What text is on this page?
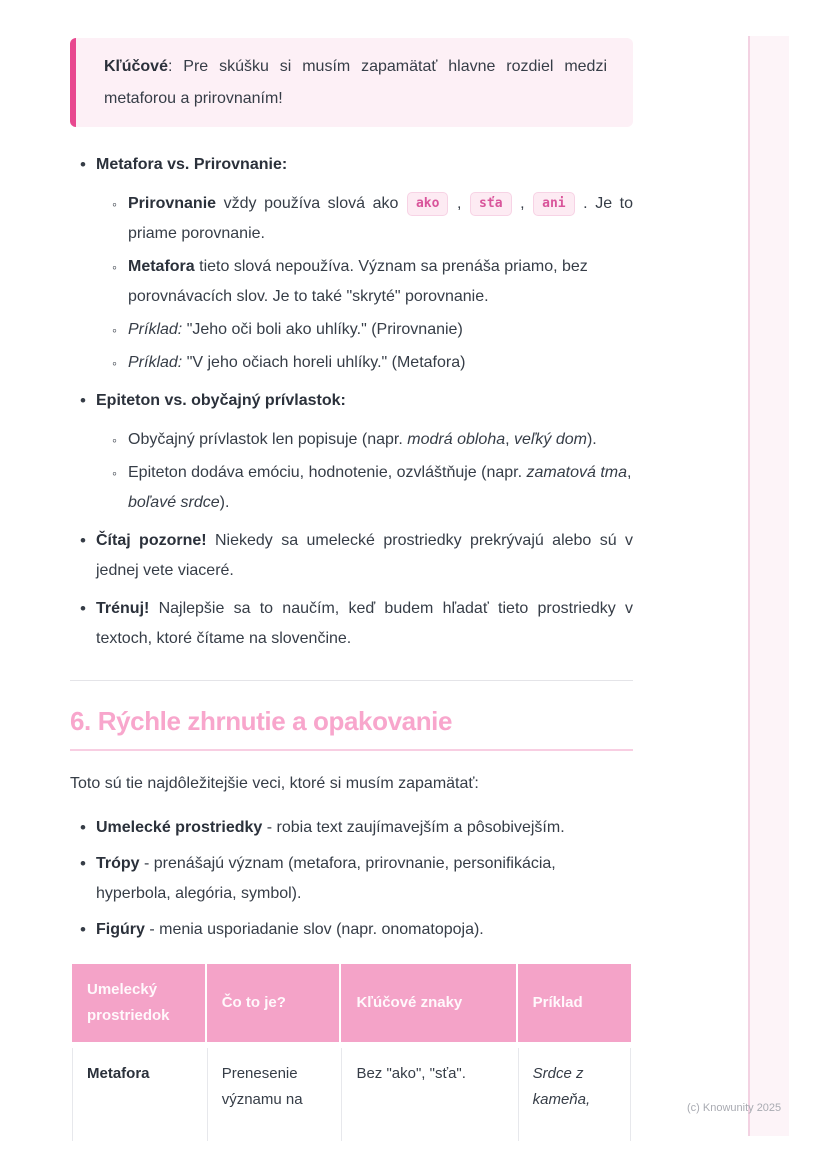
Kľúčové: Pre skúšku si musím zapamätať hlavne rozdiel medzi metaforou a prirovnaním!
• Metafora vs. Prirovnanie:
◦ Prirovnanie vždy používa slová ako ako , sťa , ani . Je to priame porovnanie.
◦ Metafora tieto slová nepoužíva. Význam sa prenáša priamo, bez porovnávacích slov. Je to také "skryté" porovnanie.
◦ Príklad: "Jeho oči boli ako uhlíky." (Prirovnanie)
◦ Príklad: "V jeho očiach horeli uhlíky." (Metafora)
• Epiteton vs. obyčajný prívlastok:
◦ Obyčajný prívlastok len popisuje (napr. modrá obloha, veľký dom).
◦ Epiteton dodáva emóciu, hodnotenie, ozvláštňuje (napr. zamatová tma, boľavé srdce).
• Čítaj pozorne! Niekedy sa umelecké prostriedky prekrývajú alebo sú v jednej vete viaceré.
• Trénuj! Najlepšie sa to naučím, keď budem hľadať tieto prostriedky v textoch, ktoré čítame na slovenčine.
6. Rýchle zhrnutie a opakovanie

Toto sú tie najdôležitejšie veci, ktoré si musím zapamätať:

• Umelecké prostriedky - robia text zaujímavejším a pôsobivejším.
• Trópy - prenášajú význam (metafora, prirovnanie, personifikácia, hyperbola, alegória, symbol).
• Figúry - menia usporiadanie slov (napr. onomatopoja).
Umelecký prostriedok	Čo to je?	Kľúčové znaky	Príklad
Metafora	Prenesenie významu na	Bez "ako", "sťa".	Srdce z kameňa,	(c) Knowunity 2025
